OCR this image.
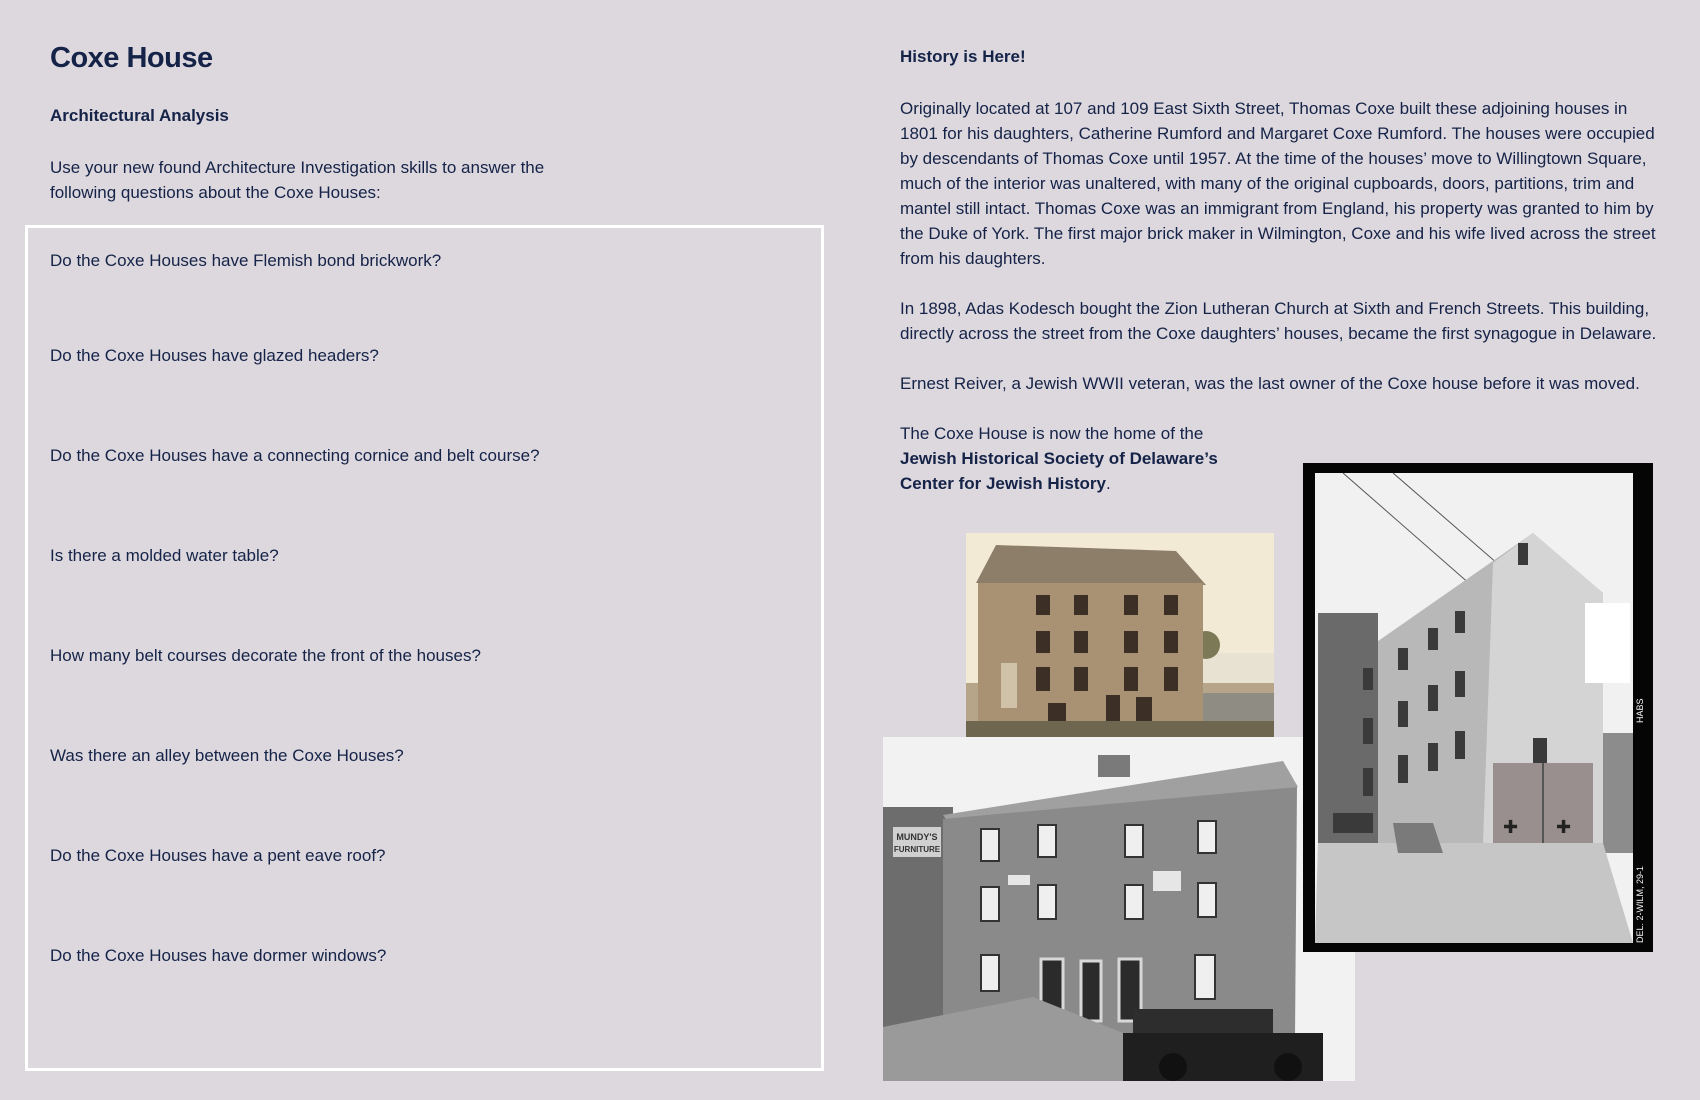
Coxe House
Architectural Analysis

Use your new found Architecture Investigation skills to answer the following questions about the Coxe Houses:

Do the Coxe Houses have Flemish bond brickwork?

Do the Coxe Houses have glazed headers?

Do the Coxe Houses have a connecting cornice and belt course?

Is there a molded water table?

How many belt courses decorate the front of the houses?

Was there an alley between the Coxe Houses?

Do the Coxe Houses have a pent eave roof?

Do the Coxe Houses have dormer windows?

History is Here!

Originally located at 107 and 109 East Sixth Street, Thomas Coxe built these adjoining houses in 1801 for his daughters, Catherine Rumford and Margaret Coxe Rumford. The houses were occupied by descendants of Thomas Coxe until 1957. At the time of the houses’ move to Willingtown Square, much of the interior was unaltered, with many of the original cupboards, doors, partitions, trim and mantel still intact. Thomas Coxe was an immigrant from England, his property was granted to him by the Duke of York. The first major brick maker in Wilmington, Coxe and his wife lived across the street from his daughters.

In 1898, Adas Kodesch bought the Zion Lutheran Church at Sixth and French Streets. This building, directly across the street from the Coxe daughters’ houses, became the first synagogue in Delaware.

Ernest Reiver, a Jewish WWII veteran, was the last owner of the Coxe house before it was moved.

The Coxe House is now the home of the
Jewish Historical Society of Delaware’s
Center for Jewish History.

MUNDY'S
FURNITURE
✚ ✚
DEL. 2-WILM, 29-1
HABS
